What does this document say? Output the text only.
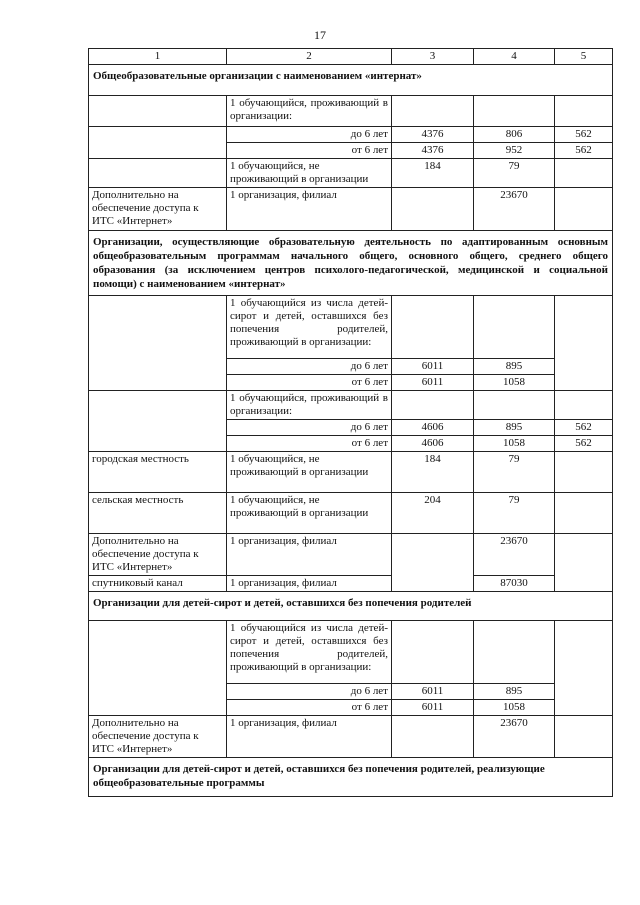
17
1	2	3	4	5
Общеобразовательные организации с наименованием «интернат»				
	1 обучающийся, проживающий в организации:			
	до 6 лет	4376	806	562
	от 6 лет	4376	952	562
	1 обучающийся, не проживающий в организации	184	79	
Дополнительно на обеспечение доступа к ИТС «Интернет»	1 организация, филиал		23670	
Организации, осуществляющие образовательную деятельность по адаптированным основным общеобразовательным программам начального общего, основного общего, среднего общего образования (за исключением центров психолого-педагогической, медицинской и социальной помощи) с наименованием «интернат»				
	1 обучающийся из числа детей-сирот и детей, оставшихся без попечения родителей, проживающий в организации:			
	до 6 лет	6011	895	
	от 6 лет	6011	1058	
	1 обучающийся, проживающий в организации:			
	до 6 лет	4606	895	562
	от 6 лет	4606	1058	562
городская местность	1 обучающийся, не проживающий в организации	184	79	
сельская местность	1 обучающийся, не проживающий в организации	204	79	
Дополнительно на обеспечение доступа к ИТС «Интернет»	1 организация, филиал		23670	
спутниковый канал	1 организация, филиал		87030	
Организации для детей-сирот и детей, оставшихся без попечения родителей				
	1 обучающийся из числа детей-сирот и детей, оставшихся без попечения родителей, проживающий в организации:			
	до 6 лет	6011	895	
	от 6 лет	6011	1058	
Дополнительно на обеспечение доступа к ИТС «Интернет»	1 организация, филиал		23670	
Организации для детей-сирот и детей, оставшихся без попечения родителей, реализующие общеобразовательные программы				
